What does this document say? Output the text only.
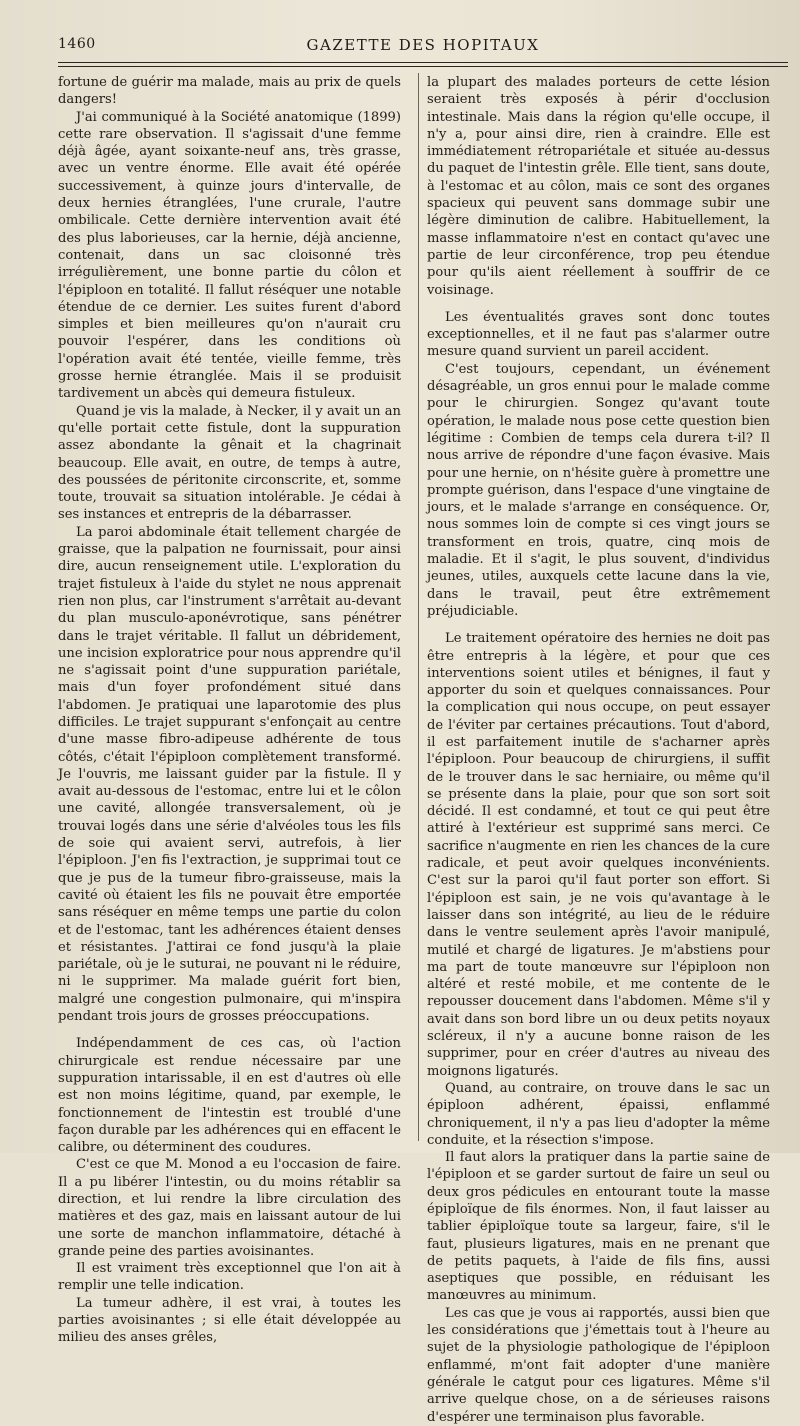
1460	GAZETTE DES HOPITAUX

fortune de guérir ma malade, mais au prix de quels dangers!

J'ai communiqué à la Société anatomique (1899) cette rare observation. Il s'agissait d'une femme déjà âgée, ayant soixante-neuf ans, très grasse, avec un ventre énorme. Elle avait été opérée successivement, à quinze jours d'intervalle, de deux hernies étranglées, l'une crurale, l'autre ombilicale. Cette dernière intervention avait été des plus laborieuses, car la hernie, déjà ancienne, contenait, dans un sac cloisonné très irrégulièrement, une bonne partie du côlon et l'épiploon en totalité. Il fallut réséquer une notable étendue de ce dernier. Les suites furent d'abord simples et bien meilleures qu'on n'aurait cru pouvoir l'espérer, dans les conditions où l'opération avait été tentée, vieille femme, très grosse hernie étranglée. Mais il se produisit tardivement un abcès qui demeura fistuleux.

Quand je vis la malade, à Necker, il y avait un an qu'elle portait cette fistule, dont la suppuration assez abondante la gênait et la chagrinait beaucoup. Elle avait, en outre, de temps à autre, des poussées de péritonite circonscrite, et, somme toute, trouvait sa situation intolérable. Je cédai à ses instances et entrepris de la débarrasser.

La paroi abdominale était tellement chargée de graisse, que la palpation ne fournissait, pour ainsi dire, aucun renseignement utile. L'exploration du trajet fistuleux à l'aide du stylet ne nous apprenait rien non plus, car l'instrument s'arrêtait au-devant du plan musculo-aponévrotique, sans pénétrer dans le trajet véritable. Il fallut un débridement, une incision exploratrice pour nous apprendre qu'il ne s'agissait point d'une suppuration pariétale, mais d'un foyer profondément situé dans l'abdomen. Je pratiquai une laparotomie des plus difficiles. Le trajet suppurant s'enfonçait au centre d'une masse fibro-adipeuse adhérente de tous côtés, c'était l'épiploon complètement transformé. Je l'ouvris, me laissant guider par la fistule. Il y avait au-dessous de l'estomac, entre lui et le côlon une cavité, allongée transversalement, où je trouvai logés dans une série d'alvéoles tous les fils de soie qui avaient servi, autrefois, à lier l'épiploon. J'en fis l'extraction, je supprimai tout ce que je pus de la tumeur fibro-graisseuse, mais la cavité où étaient les fils ne pouvait être emportée sans réséquer en même temps une partie du colon et de l'estomac, tant les adhérences étaient denses et résistantes. J'attirai ce fond jusqu'à la plaie pariétale, où je le suturai, ne pouvant ni le réduire, ni le supprimer. Ma malade guérit fort bien, malgré une congestion pulmonaire, qui m'inspira pendant trois jours de grosses préoccupations.

Indépendamment de ces cas, où l'action chirurgicale est rendue nécessaire par une suppuration intarissable, il en est d'autres où elle est non moins légitime, quand, par exemple, le fonctionnement de l'intestin est troublé d'une façon durable par les adhérences qui en effacent le calibre, ou déterminent des coudures.

C'est ce que M. Monod a eu l'occasion de faire. Il a pu libérer l'intestin, ou du moins rétablir sa direction, et lui rendre la libre circulation des matières et des gaz, mais en laissant autour de lui une sorte de manchon inflammatoire, détaché à grande peine des parties avoisinantes.

Il est vraiment très exceptionnel que l'on ait à remplir une telle indication.

La tumeur adhère, il est vrai, à toutes les parties avoisinantes ; si elle était développée au milieu des anses grêles,

la plupart des malades porteurs de cette lésion seraient très exposés à périr d'occlusion intestinale. Mais dans la région qu'elle occupe, il n'y a, pour ainsi dire, rien à craindre. Elle est immédiatement rétropariétale et située au-dessus du paquet de l'intestin grêle. Elle tient, sans doute, à l'estomac et au côlon, mais ce sont des organes spacieux qui peuvent sans dommage subir une légère diminution de calibre. Habituellement, la masse inflammatoire n'est en contact qu'avec une partie de leur circonférence, trop peu étendue pour qu'ils aient réellement à souffrir de ce voisinage.

Les éventualités graves sont donc toutes exceptionnelles, et il ne faut pas s'alarmer outre mesure quand survient un pareil accident.

C'est toujours, cependant, un événement désagréable, un gros ennui pour le malade comme pour le chirurgien. Songez qu'avant toute opération, le malade nous pose cette question bien légitime : Combien de temps cela durera t-il? Il nous arrive de répondre d'une façon évasive. Mais pour une hernie, on n'hésite guère à promettre une prompte guérison, dans l'espace d'une vingtaine de jours, et le malade s'arrange en conséquence. Or, nous sommes loin de compte si ces vingt jours se transforment en trois, quatre, cinq mois de maladie. Et il s'agit, le plus souvent, d'individus jeunes, utiles, auxquels cette lacune dans la vie, dans le travail, peut être extrêmement préjudiciable.

Le traitement opératoire des hernies ne doit pas être entrepris à la légère, et pour que ces interventions soient utiles et bénignes, il faut y apporter du soin et quelques connaissances. Pour la complication qui nous occupe, on peut essayer de l'éviter par certaines précautions. Tout d'abord, il est parfaitement inutile de s'acharner après l'épiploon. Pour beaucoup de chirurgiens, il suffit de le trouver dans le sac herniaire, ou même qu'il se présente dans la plaie, pour que son sort soit décidé. Il est condamné, et tout ce qui peut être attiré à l'extérieur est supprimé sans merci. Ce sacrifice n'augmente en rien les chances de la cure radicale, et peut avoir quelques inconvénients. C'est sur la paroi qu'il faut porter son effort. Si l'épiploon est sain, je ne vois qu'avantage à le laisser dans son intégrité, au lieu de le réduire dans le ventre seulement après l'avoir manipulé, mutilé et chargé de ligatures. Je m'abstiens pour ma part de toute manœuvre sur l'épiploon non altéré et resté mobile, et me contente de le repousser doucement dans l'abdomen. Même s'il y avait dans son bord libre un ou deux petits noyaux scléreux, il n'y a aucune bonne raison de les supprimer, pour en créer d'autres au niveau des moignons ligaturés.

Quand, au contraire, on trouve dans le sac un épiploon adhérent, épaissi, enflammé chroniquement, il n'y a pas lieu d'adopter la même conduite, et la résection s'impose.

Il faut alors la pratiquer dans la partie saine de l'épiploon et se garder surtout de faire un seul ou deux gros pédicules en entourant toute la masse épiploïque de fils énormes. Non, il faut laisser au tablier épiploïque toute sa largeur, faire, s'il le faut, plusieurs ligatures, mais en ne prenant que de petits paquets, à l'aide de fils fins, aussi aseptiques que possible, en réduisant les manœuvres au minimum.

Les cas que je vous ai rapportés, aussi bien que les considérations que j'émettais tout à l'heure au sujet de la physiologie pathologique de l'épiploon enflammé, m'ont fait adopter d'une manière générale le catgut pour ces ligatures. Même s'il arrive quelque chose, on a de sérieuses raisons d'espérer une terminaison plus favorable.
